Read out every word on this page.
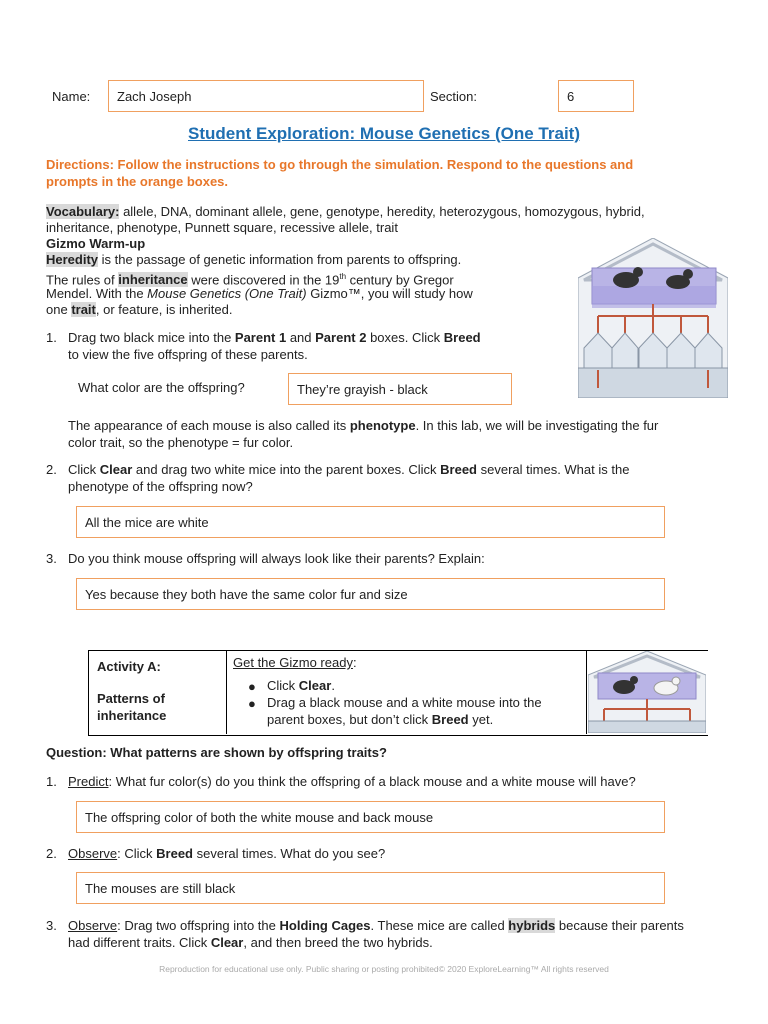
Name: Zach Joseph	Section:	6
Student Exploration: Mouse Genetics (One Trait)
Directions: Follow the instructions to go through the simulation. Respond to the questions and
prompts in the orange boxes.
Vocabulary: allele, DNA, dominant allele, gene, genotype, heredity, heterozygous, homozygous, hybrid,
inheritance, phenotype, Punnett square, recessive allele, trait
Gizmo Warm-up
Heredity is the passage of genetic information from parents to offspring.
The rules of inheritance were discovered in the 19th century by Gregor
Mendel. With the Mouse Genetics (One Trait) Gizmo™, you will study how
one trait, or feature, is inherited.
1. Drag two black mice into the Parent 1 and Parent 2 boxes. Click Breed
to view the five offspring of these parents.
What color are the offspring?	They’re grayish - black
The appearance of each mouse is also called its phenotype. In this lab, we will be investigating the fur
color trait, so the phenotype = fur color.
2. Click Clear and drag two white mice into the parent boxes. Click Breed several times. What is the
phenotype of the offspring now?
All the mice are white
3. Do you think mouse offspring will always look like their parents? Explain:
Yes because they both have the same color fur and size
Activity A:
Patterns of
inheritance
Get the Gizmo ready:
● Click Clear.
● Drag a black mouse and a white mouse into the
parent boxes, but don’t click Breed yet.
Question: What patterns are shown by offspring traits?
1. Predict: What fur color(s) do you think the offspring of a black mouse and a white mouse will have?
The offspring color of both the white mouse and back mouse
2. Observe: Click Breed several times. What do you see?
The mouses are still black
3. Observe: Drag two offspring into the Holding Cages. These mice are called hybrids because their parents
had different traits. Click Clear, and then breed the two hybrids.
Reproduction for educational use only. Public sharing or posting prohibited© 2020 ExploreLearning™ All rights reserved
